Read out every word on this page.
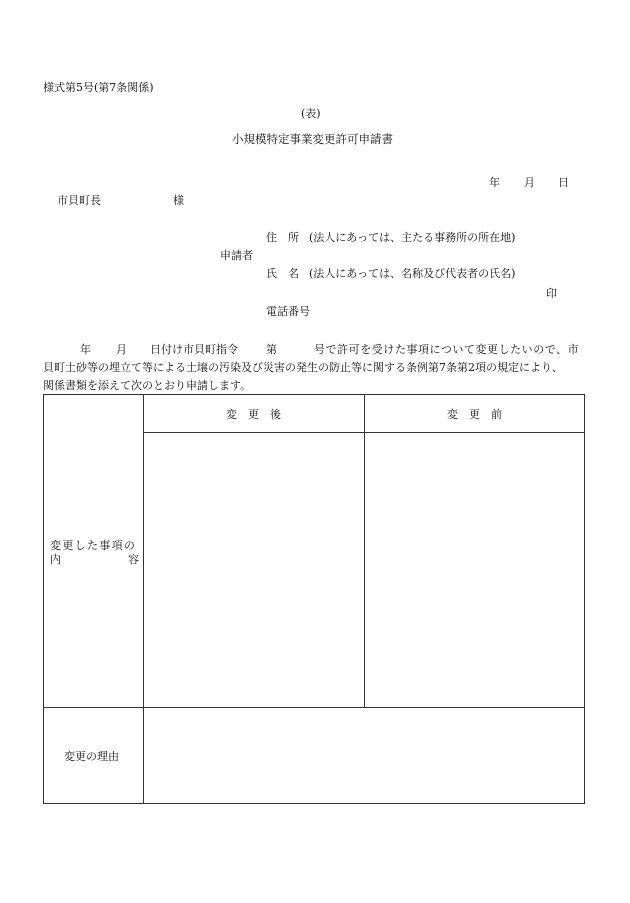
様式第5号(第7条関係)
(表)
小規模特定事業変更許可申請書
年 月 日
市貝町長	様
住　所 (法人にあっては、主たる事務所の所在地)
申請者
氏　名 (法人にあっては、名称及び代表者の氏名)
印
電話番号
年 月 日付け市貝町指令	第	号で許可を受けた事項について変更したいので、市
貝町土砂等の埋立て等による土壌の汚染及び災害の発生の防止等に関する条例第7条第2項の規定により、
関係書類を添えて次のとおり申請します。
変　更　後	変　更　前
変更した事項の
内	容
変更の理由
